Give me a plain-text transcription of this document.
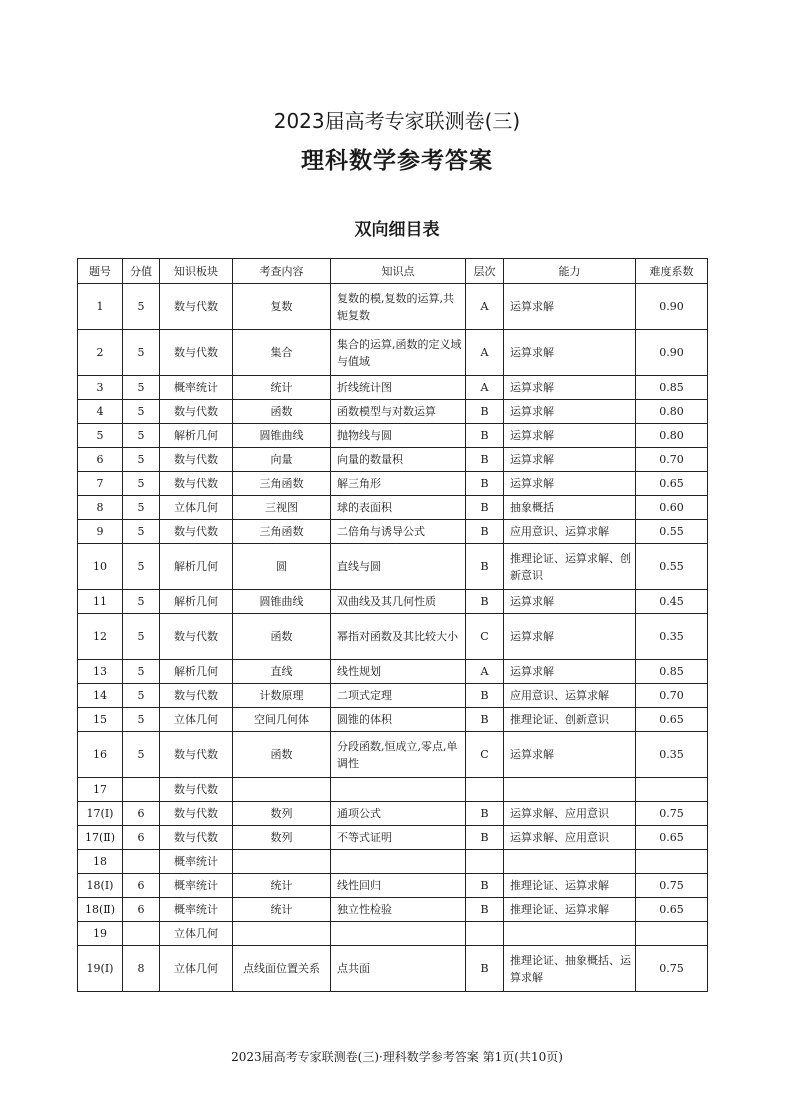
2023届高考专家联测卷(三)
理科数学参考答案
双向细目表
题号	分值	知识板块	考查内容	知识点	层次	能力	难度系数
1	5	数与代数	复数	复数的模,复数的运算,共轭复数	A	运算求解	0.90
2	5	数与代数	集合	集合的运算,函数的定义域与值域	A	运算求解	0.90
3	5	概率统计	统计	折线统计图	A	运算求解	0.85
4	5	数与代数	函数	函数模型与对数运算	B	运算求解	0.80
5	5	解析几何	圆锥曲线	抛物线与圆	B	运算求解	0.80
6	5	数与代数	向量	向量的数量积	B	运算求解	0.70
7	5	数与代数	三角函数	解三角形	B	运算求解	0.65
8	5	立体几何	三视图	球的表面积	B	抽象概括	0.60
9	5	数与代数	三角函数	二倍角与诱导公式	B	应用意识、运算求解	0.55
10	5	解析几何	圆	直线与圆	B	推理论证、运算求解、创新意识	0.55
11	5	解析几何	圆锥曲线	双曲线及其几何性质	B	运算求解	0.45
12	5	数与代数	函数	幂指对函数及其比较大小	C	运算求解	0.35
13	5	解析几何	直线	线性规划	A	运算求解	0.85
14	5	数与代数	计数原理	二项式定理	B	应用意识、运算求解	0.70
15	5	立体几何	空间几何体	圆锥的体积	B	推理论证、创新意识	0.65
16	5	数与代数	函数	分段函数,恒成立,零点,单调性	C	运算求解	0.35
17		数与代数					
17(Ⅰ)	6	数与代数	数列	通项公式	B	运算求解、应用意识	0.75
17(Ⅱ)	6	数与代数	数列	不等式证明	B	运算求解、应用意识	0.65
18		概率统计					
18(Ⅰ)	6	概率统计	统计	线性回归	B	推理论证、运算求解	0.75
18(Ⅱ)	6	概率统计	统计	独立性检验	B	推理论证、运算求解	0.65
19		立体几何					
19(Ⅰ)	8	立体几何	点线面位置关系	点共面	B	推理论证、抽象概括、运算求解	0.75
2023届高考专家联测卷(三)·理科数学参考答案 第1页(共10页)
